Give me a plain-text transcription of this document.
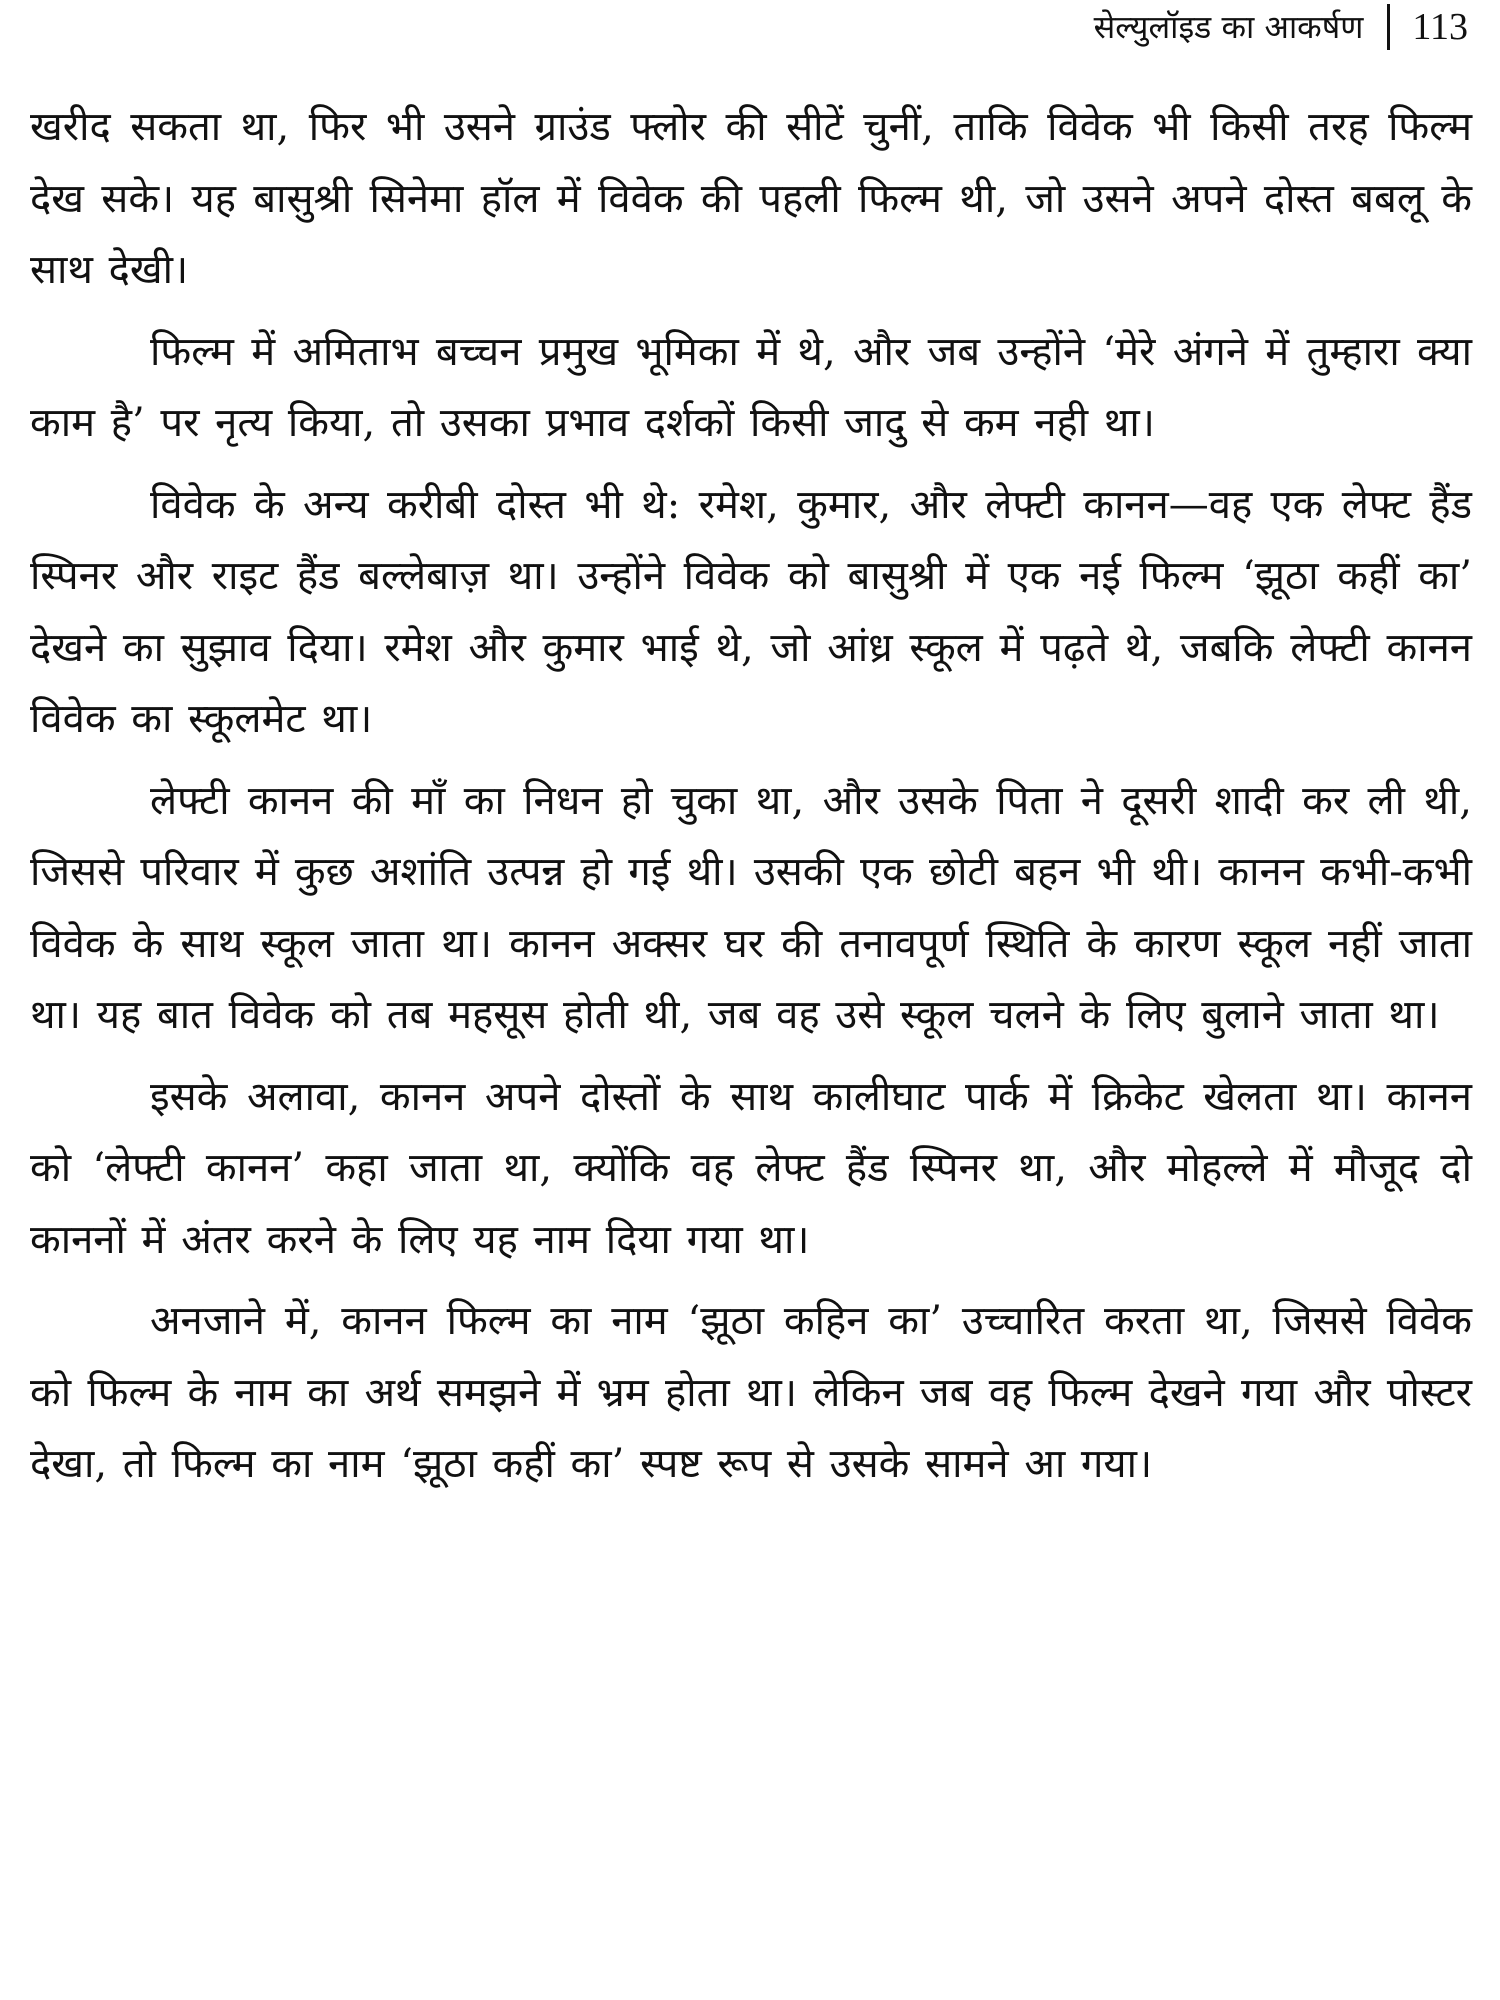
सेल्युलॉइड का आकर्षण 113

खरीद सकता था, फिर भी उसने ग्राउंड फ्लोर की सीटें चुनीं, ताकि विवेक भी किसी तरह फिल्म देख सके। यह बासुश्री सिनेमा हॉल में विवेक की पहली फिल्म थी, जो उसने अपने दोस्त बबलू के साथ देखी।

फिल्म में अमिताभ बच्चन प्रमुख भूमिका में थे, और जब उन्होंने ‘मेरे अंगने में तुम्हारा क्या काम है’ पर नृत्य किया, तो उसका प्रभाव दर्शकों किसी जादु से कम नही था।

विवेक के अन्य करीबी दोस्त भी थे: रमेश, कुमार, और लेफ्टी कानन—वह एक लेफ्ट हैंड स्पिनर और राइट हैंड बल्लेबाज़ था। उन्होंने विवेक को बासुश्री में एक नई फिल्म ‘झूठा कहीं का’ देखने का सुझाव दिया। रमेश और कुमार भाई थे, जो आंध्र स्कूल में पढ़ते थे, जबकि लेफ्टी कानन विवेक का स्कूलमेट था।

लेफ्टी कानन की माँ का निधन हो चुका था, और उसके पिता ने दूसरी शादी कर ली थी, जिससे परिवार में कुछ अशांति उत्पन्न हो गई थी। उसकी एक छोटी बहन भी थी। कानन कभी-कभी विवेक के साथ स्कूल जाता था। कानन अक्सर घर की तनावपूर्ण स्थिति के कारण स्कूल नहीं जाता था। यह बात विवेक को तब महसूस होती थी, जब वह उसे स्कूल चलने के लिए बुलाने जाता था।

इसके अलावा, कानन अपने दोस्तों के साथ कालीघाट पार्क में क्रिकेट खेलता था। कानन को ‘लेफ्टी कानन’ कहा जाता था, क्योंकि वह लेफ्ट हैंड स्पिनर था, और मोहल्ले में मौजूद दो काननों में अंतर करने के लिए यह नाम दिया गया था।

अनजाने में, कानन फिल्म का नाम ‘झूठा कहिन का’ उच्चारित करता था, जिससे विवेक को फिल्म के नाम का अर्थ समझने में भ्रम होता था। लेकिन जब वह फिल्म देखने गया और पोस्टर देखा, तो फिल्म का नाम ‘झूठा कहीं का’ स्पष्ट रूप से उसके सामने आ गया।
